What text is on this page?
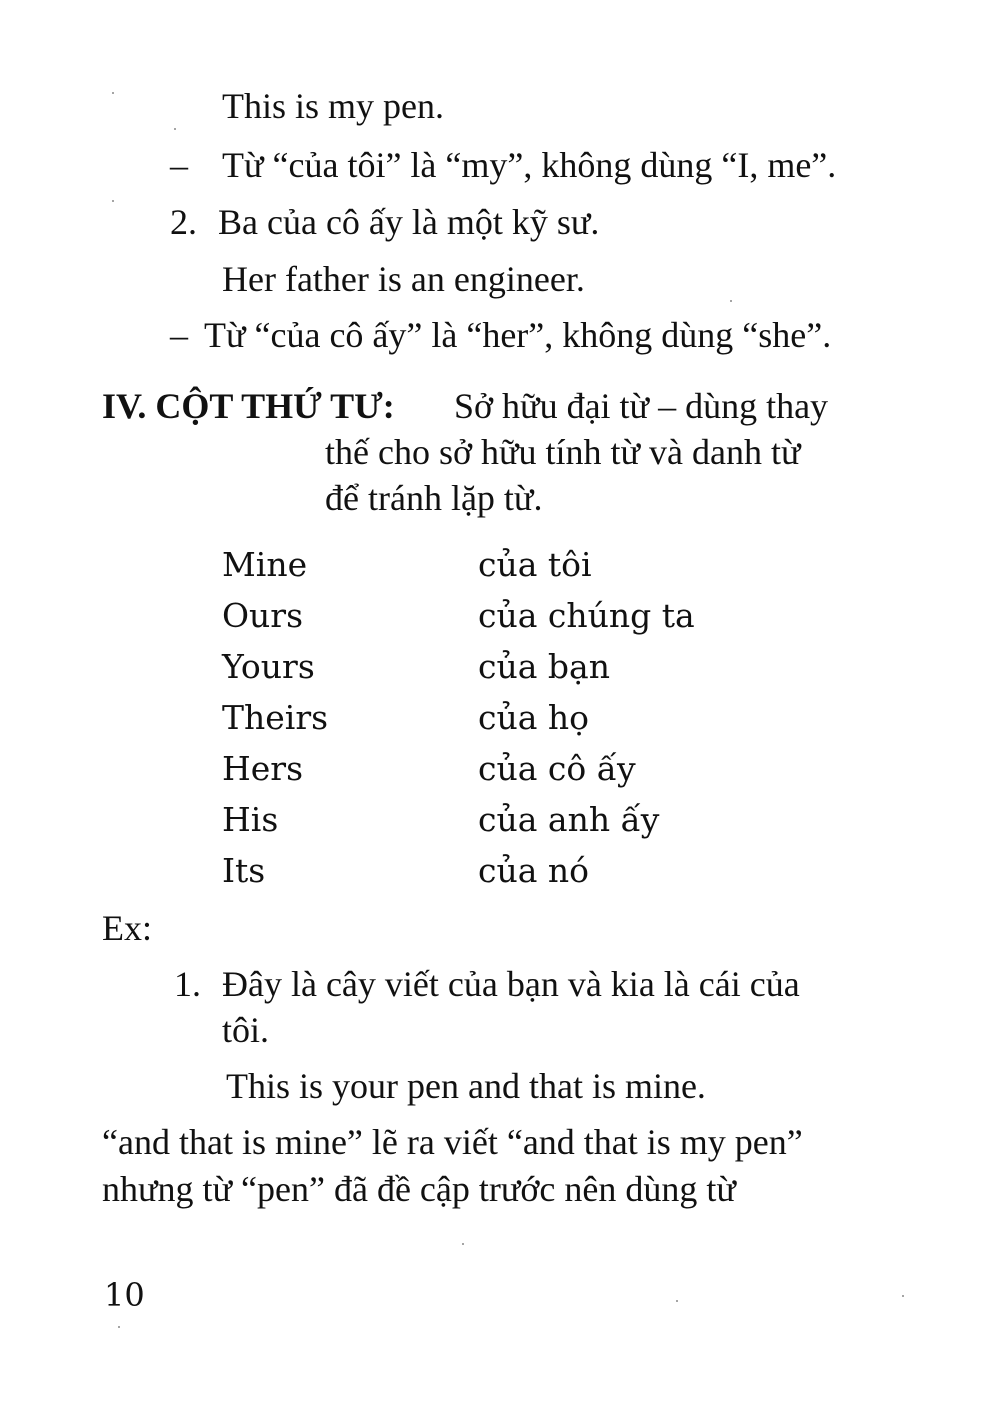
This is my pen.
– Từ “của tôi” là “my”, không dùng “I, me”.
2. Ba của cô ấy là một kỹ sư.
Her father is an engineer.
– Từ “của cô ấy” là “her”, không dùng “she”.
IV. CỘT THỨ TƯ: Sở hữu đại từ – dùng thay
thế cho sở hữu tính từ và danh từ
để tránh lặp từ.
Mine	của tôi
Ours	của chúng ta
Yours	của bạn
Theirs	của họ
Hers	của cô ấy
His	của anh ấy
Its	của nó
Ex:
1. Đây là cây viết của bạn và kia là cái của
tôi.
This is your pen and that is mine.
“and that is mine” lẽ ra viết “and that is my pen”
nhưng từ “pen” đã đề cập trước nên dùng từ
10
